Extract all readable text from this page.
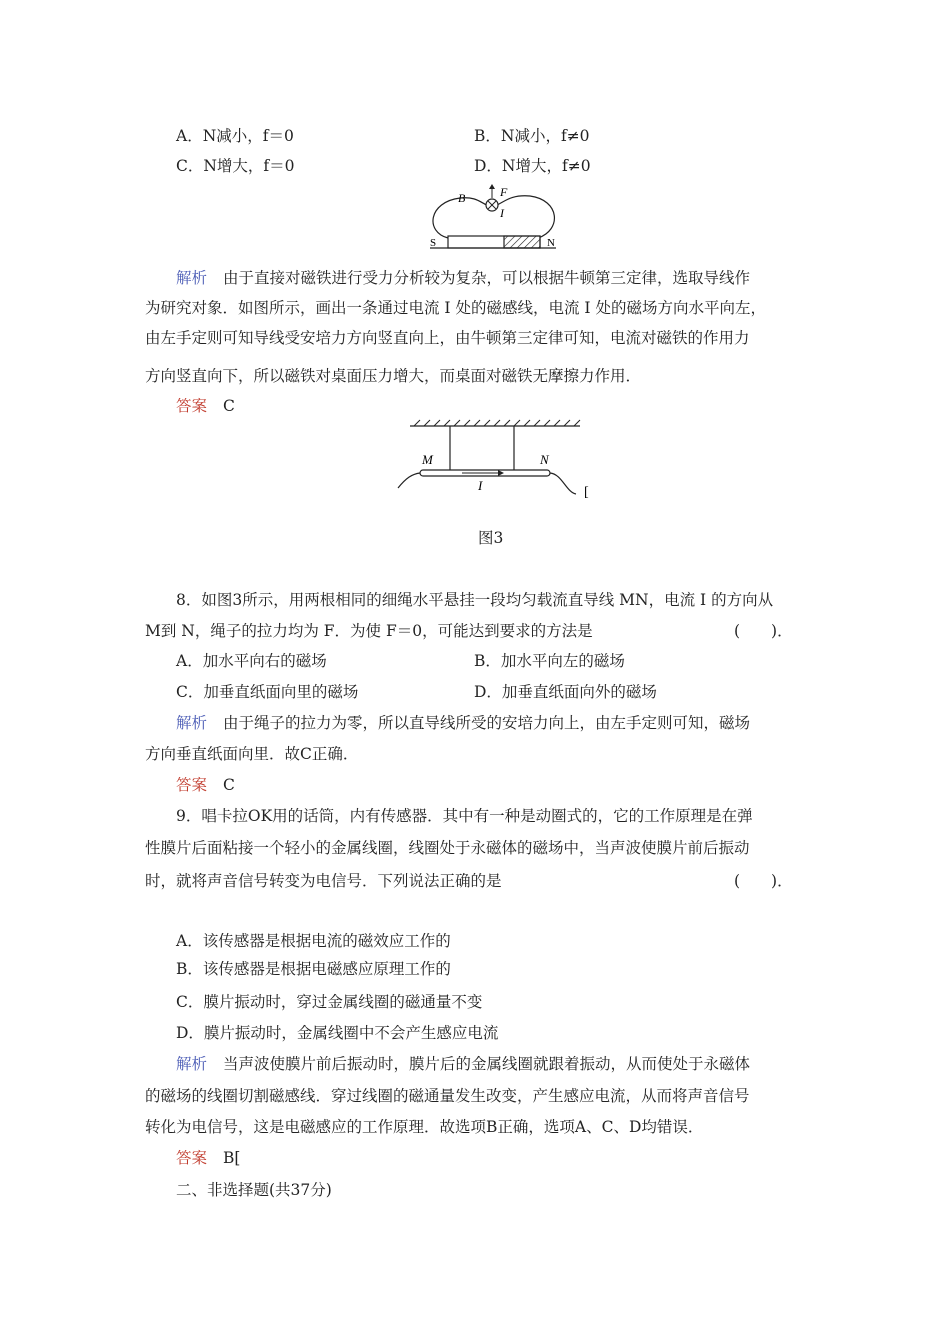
A．N减小，f＝0	B．N减小，f≠0
C．N增大，f＝0	D．N增大，f≠0
B	F
I
S	N
解析 由于直接对磁铁进行受力分析较为复杂，可以根据牛顿第三定律，选取导线作
为研究对象．如图所示，画出一条通过电流 I 处的磁感线，电流 I 处的磁场方向水平向左，
由左手定则可知导线受安培力方向竖直向上，由牛顿第三定律可知，电流对磁铁的作用力
方向竖直向下，所以磁铁对桌面压力增大，而桌面对磁铁无摩擦力作用．
答案 C
M	N
I	[
图3
8．如图3所示，用两根相同的细绳水平悬挂一段均匀载流直导线 MN，电流 I 的方向从
M到 N，绳子的拉力均为 F．为使 F＝0，可能达到要求的方法是	(　　)．
A．加水平向右的磁场	B．加水平向左的磁场
C．加垂直纸面向里的磁场	D．加垂直纸面向外的磁场
解析 由于绳子的拉力为零，所以直导线所受的安培力向上，由左手定则可知，磁场
方向垂直纸面向里．故C正确．
答案 C
9．唱卡拉OK用的话筒，内有传感器．其中有一种是动圈式的，它的工作原理是在弹
性膜片后面粘接一个轻小的金属线圈，线圈处于永磁体的磁场中，当声波使膜片前后振动
时，就将声音信号转变为电信号．下列说法正确的是	(　　)．
A．该传感器是根据电流的磁效应工作的
B．该传感器是根据电磁感应原理工作的
C．膜片振动时，穿过金属线圈的磁通量不变
D．膜片振动时，金属线圈中不会产生感应电流
解析 当声波使膜片前后振动时，膜片后的金属线圈就跟着振动，从而使处于永磁体
的磁场的线圈切割磁感线．穿过线圈的磁通量发生改变，产生感应电流，从而将声音信号
转化为电信号，这是电磁感应的工作原理．故选项B正确，选项A、C、D均错误．
答案 B[
二、非选择题(共37分)
